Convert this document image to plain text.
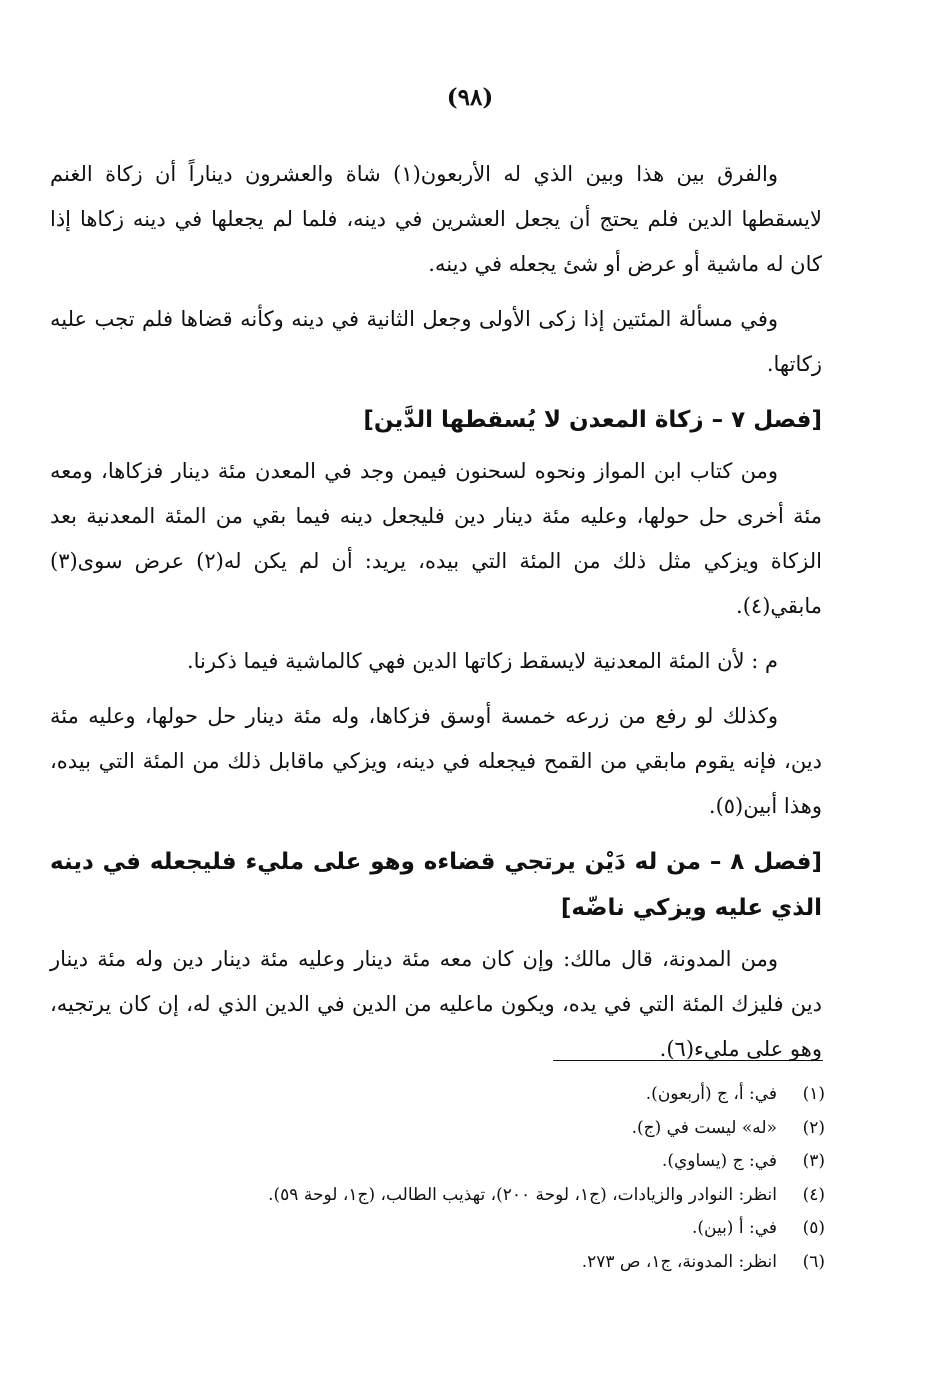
(٩٨)

والفرق بين هذا وبين الذي له الأربعون(١) شاة والعشرون ديناراً أن زكاة الغنم لايسقطها الدين فلم يحتج أن يجعل العشرين في دينه، فلما لم يجعلها في دينه زكاها إذا كان له ماشية أو عرض أو شئ يجعله في دينه.

وفي مسألة المئتين إذا زكى الأولى وجعل الثانية في دينه وكأنه قضاها فلم تجب عليه زكاتها.

[فصل ٧ – زكاة المعدن لا يُسقطها الدَّين]

ومن كتاب ابن المواز ونحوه لسحنون فيمن وجد في المعدن مئة دينار فزكاها، ومعه مئة أخرى حل حولها، وعليه مئة دينار دين فليجعل دينه فيما بقي من المئة المعدنية بعد الزكاة ويزكي مثل ذلك من المئة التي بيده، يريد: أن لم يكن له(٢) عرض سوى(٣) مابقي(٤).

م : لأن المئة المعدنية لايسقط زكاتها الدين فهي كالماشية فيما ذكرنا.

وكذلك لو رفع من زرعه خمسة أوسق فزكاها، وله مئة دينار حل حولها، وعليه مئة دين، فإنه يقوم مابقي من القمح فيجعله في دينه، ويزكي ماقابل ذلك من المئة التي بيده، وهذا أبين(٥).

[فصل ٨ – من له دَيْن يرتجي قضاءه وهو على مليء فليجعله في دينه الذي عليه ويزكي ناضّه]

ومن المدونة، قال مالك: وإن كان معه مئة دينار وعليه مئة دينار دين وله مئة دينار دين فليزك المئة التي في يده، ويكون ماعليه من الدين في الدين الذي له، إن كان يرتجيه، وهو على مليء(٦).

(١)
في: أ، ج (أربعون).
(٢)
«له» ليست في (ج).
(٣)
في: ج (يساوي).
(٤)
انظر: النوادر والزيادات، (ج١، لوحة ٢٠٠)، تهذيب الطالب، (ج١، لوحة ٥٩).
(٥)
في: أ (بين).
(٦)
انظر: المدونة، ج١، ص ٢٧٣.
